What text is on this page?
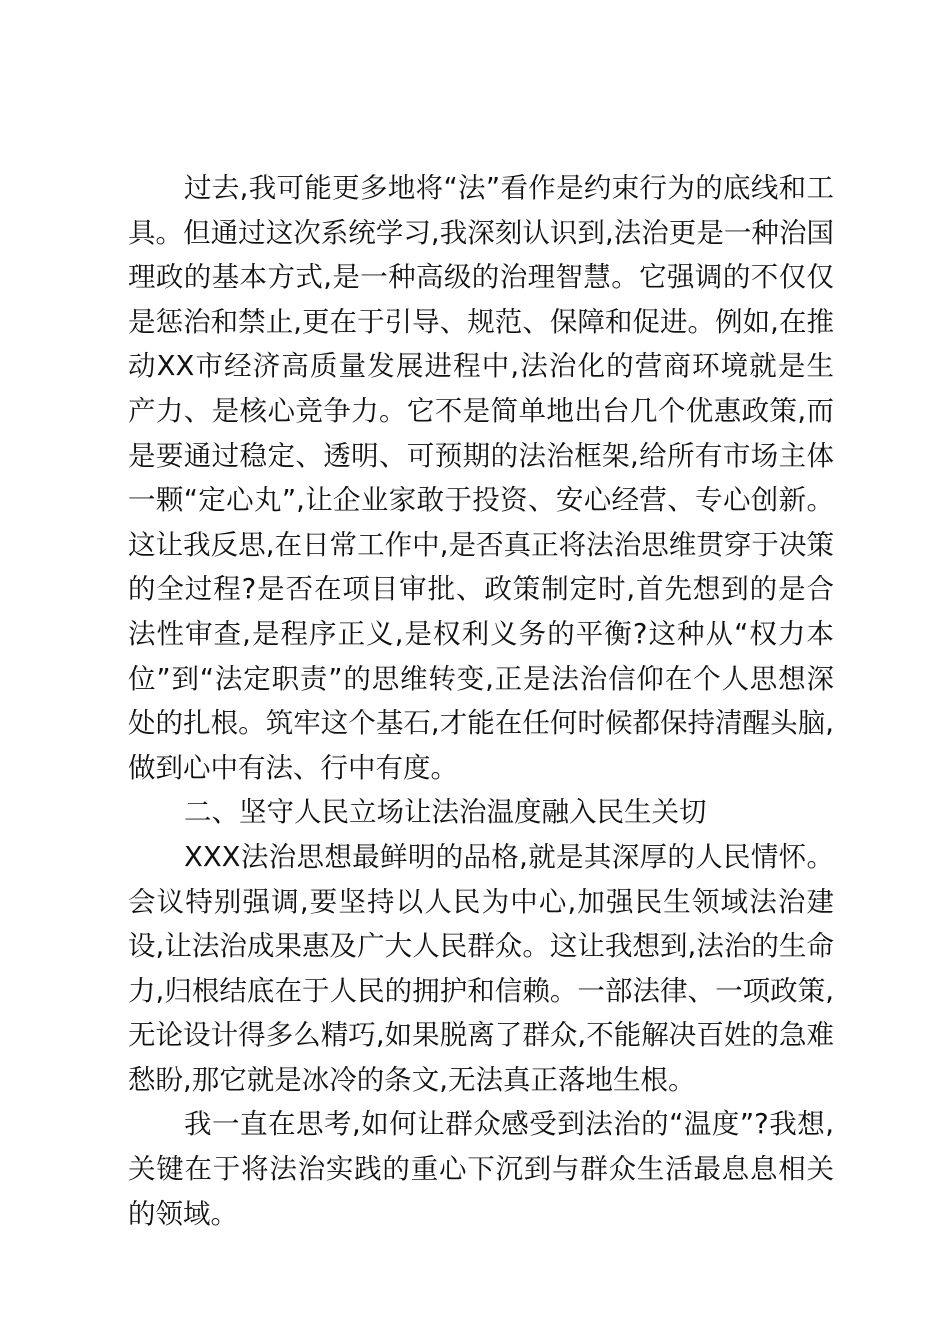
过去,我可能更多地将“法”看作是约束行为的底线和工具。但通过这次系统学习,我深刻认识到,法治更是一种治国理政的基本方式,是一种高级的治理智慧。它强调的不仅仅是惩治和禁止,更在于引导、规范、保障和促进。例如,在推动XX市经济高质量发展进程中,法治化的营商环境就是生产力、是核心竞争力。它不是简单地出台几个优惠政策,而是要通过稳定、透明、可预期的法治框架,给所有市场主体一颗“定心丸”,让企业家敢于投资、安心经营、专心创新。这让我反思,在日常工作中,是否真正将法治思维贯穿于决策的全过程?是否在项目审批、政策制定时,首先想到的是合法性审查,是程序正义,是权利义务的平衡?这种从“权力本位”到“法定职责”的思维转变,正是法治信仰在个人思想深处的扎根。筑牢这个基石,才能在任何时候都保持清醒头脑,做到心中有法、行中有度。

二、坚守人民立场让法治温度融入民生关切

XXX法治思想最鲜明的品格,就是其深厚的人民情怀。会议特别强调,要坚持以人民为中心,加强民生领域法治建设,让法治成果惠及广大人民群众。这让我想到,法治的生命力,归根结底在于人民的拥护和信赖。一部法律、一项政策,无论设计得多么精巧,如果脱离了群众,不能解决百姓的急难愁盼,那它就是冰冷的条文,无法真正落地生根。

我一直在思考,如何让群众感受到法治的“温度”?我想,关键在于将法治实践的重心下沉到与群众生活最息息相关的领域。
